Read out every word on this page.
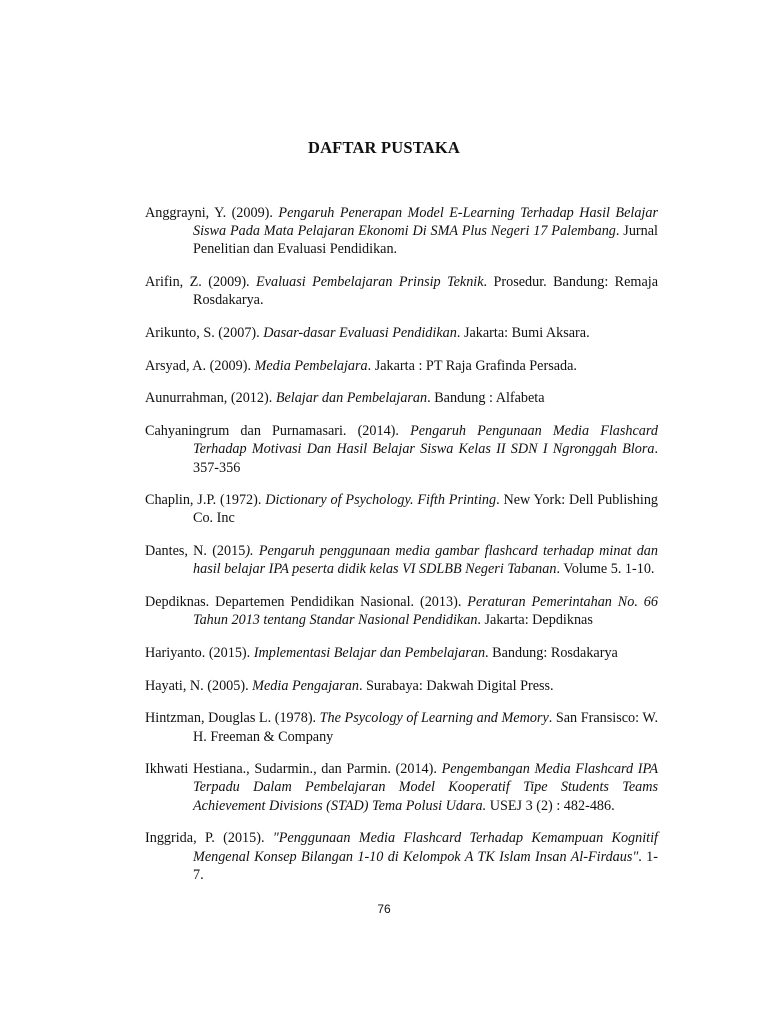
DAFTAR PUSTAKA
Anggrayni, Y. (2009). Pengaruh Penerapan Model E-Learning Terhadap Hasil Belajar Siswa Pada Mata Pelajaran Ekonomi Di SMA Plus Negeri 17 Palembang. Jurnal Penelitian dan Evaluasi Pendidikan.
Arifin, Z. (2009). Evaluasi Pembelajaran Prinsip Teknik. Prosedur. Bandung: Remaja Rosdakarya.
Arikunto, S. (2007). Dasar-dasar Evaluasi Pendidikan. Jakarta: Bumi Aksara.
Arsyad, A. (2009). Media Pembelajara. Jakarta : PT Raja Grafinda Persada.
Aunurrahman, (2012). Belajar dan Pembelajaran. Bandung : Alfabeta
Cahyaningrum dan Purnamasari. (2014). Pengaruh Pengunaan Media Flashcard Terhadap Motivasi Dan Hasil Belajar Siswa Kelas II SDN I Ngronggah Blora. 357-356
Chaplin, J.P. (1972). Dictionary of Psychology. Fifth Printing. New York: Dell Publishing Co. Inc
Dantes, N. (2015). Pengaruh penggunaan media gambar flashcard terhadap minat dan hasil belajar IPA peserta didik kelas VI SDLBB Negeri Tabanan. Volume 5. 1-10.
Depdiknas. Departemen Pendidikan Nasional. (2013). Peraturan Pemerintahan No. 66 Tahun 2013 tentang Standar Nasional Pendidikan. Jakarta: Depdiknas
Hariyanto. (2015). Implementasi Belajar dan Pembelajaran. Bandung: Rosdakarya
Hayati, N. (2005). Media Pengajaran. Surabaya: Dakwah Digital Press.
Hintzman, Douglas L. (1978). The Psycology of Learning and Memory. San Fransisco: W. H. Freeman & Company
Ikhwati Hestiana., Sudarmin., dan Parmin. (2014). Pengembangan Media Flashcard IPA Terpadu Dalam Pembelajaran Model Kooperatif Tipe Students Teams Achievement Divisions (STAD) Tema Polusi Udara. USEJ 3 (2) : 482-486.
Inggrida, P. (2015). ″Penggunaan Media Flashcard Terhadap Kemampuan Kognitif Mengenal Konsep Bilangan 1-10 di Kelompok A TK Islam Insan Al-Firdaus″. 1-7.
76
